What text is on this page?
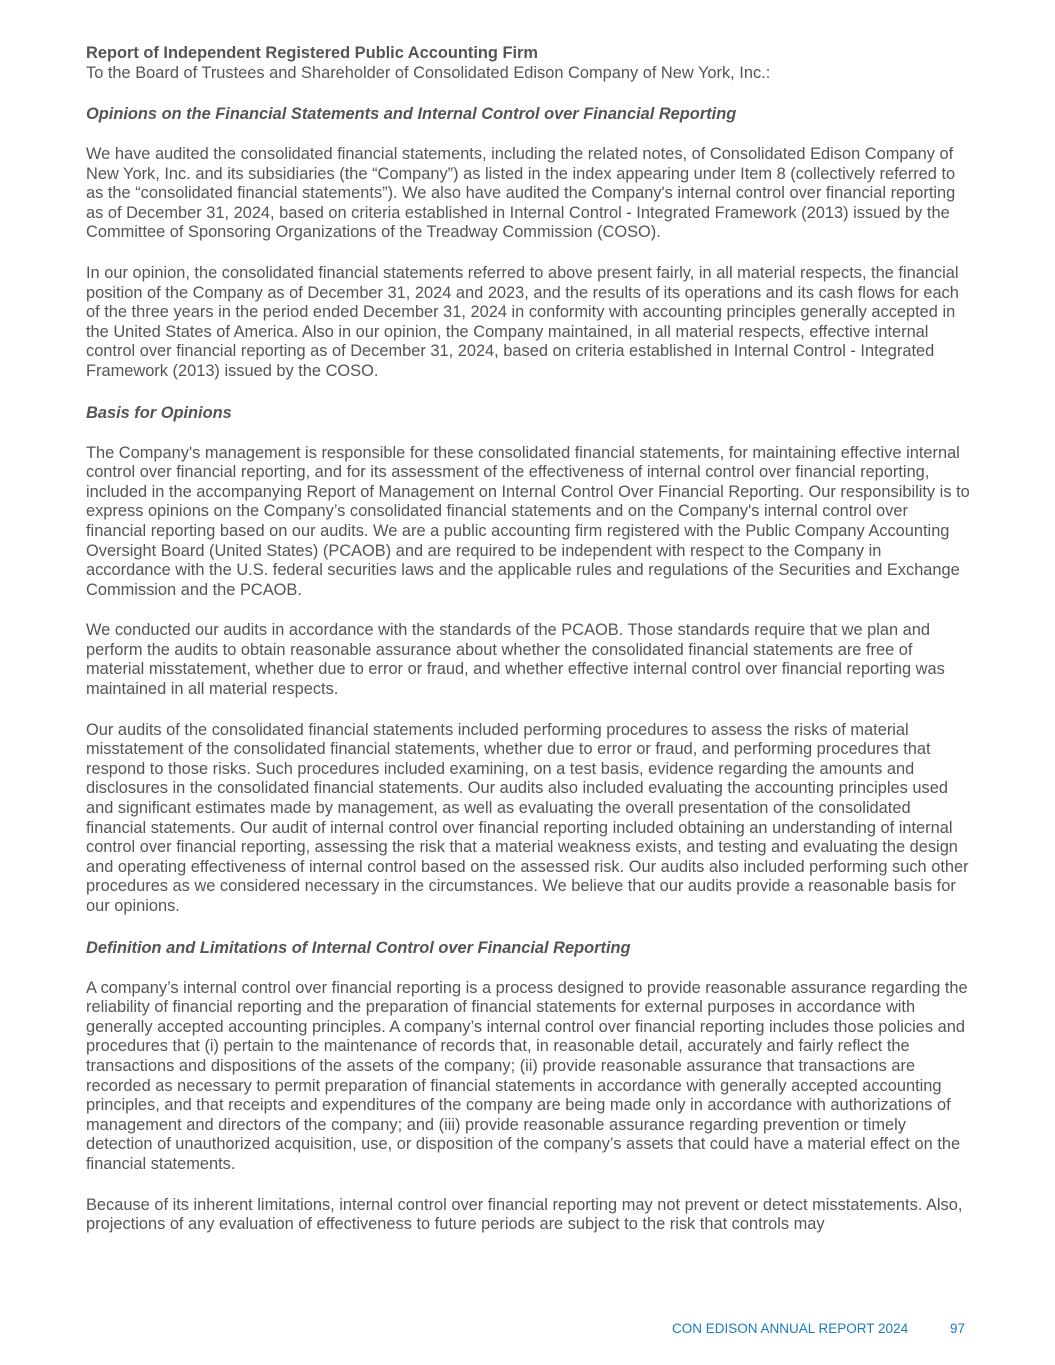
Report of Independent Registered Public Accounting Firm
To the Board of Trustees and Shareholder of Consolidated Edison Company of New York, Inc.:
Opinions on the Financial Statements and Internal Control over Financial Reporting

We have audited the consolidated financial statements, including the related notes, of Consolidated Edison Company of New York, Inc. and its subsidiaries (the “Company”) as listed in the index appearing under Item 8 (collectively referred to as the “consolidated financial statements”). We also have audited the Company's internal control over financial reporting as of December 31, 2024, based on criteria established in Internal Control - Integrated Framework (2013) issued by the Committee of Sponsoring Organizations of the Treadway Commission (COSO).

In our opinion, the consolidated financial statements referred to above present fairly, in all material respects, the financial position of the Company as of December 31, 2024 and 2023, and the results of its operations and its cash flows for each of the three years in the period ended December 31, 2024 in conformity with accounting principles generally accepted in the United States of America. Also in our opinion, the Company maintained, in all material respects, effective internal control over financial reporting as of December 31, 2024, based on criteria established in Internal Control - Integrated Framework (2013) issued by the COSO.

Basis for Opinions

The Company's management is responsible for these consolidated financial statements, for maintaining effective internal control over financial reporting, and for its assessment of the effectiveness of internal control over financial reporting, included in the accompanying Report of Management on Internal Control Over Financial Reporting. Our responsibility is to express opinions on the Company’s consolidated financial statements and on the Company's internal control over financial reporting based on our audits. We are a public accounting firm registered with the Public Company Accounting Oversight Board (United States) (PCAOB) and are required to be independent with respect to the Company in accordance with the U.S. federal securities laws and the applicable rules and regulations of the Securities and Exchange Commission and the PCAOB.

We conducted our audits in accordance with the standards of the PCAOB. Those standards require that we plan and perform the audits to obtain reasonable assurance about whether the consolidated financial statements are free of material misstatement, whether due to error or fraud, and whether effective internal control over financial reporting was maintained in all material respects.

Our audits of the consolidated financial statements included performing procedures to assess the risks of material misstatement of the consolidated financial statements, whether due to error or fraud, and performing procedures that respond to those risks. Such procedures included examining, on a test basis, evidence regarding the amounts and disclosures in the consolidated financial statements. Our audits also included evaluating the accounting principles used and significant estimates made by management, as well as evaluating the overall presentation of the consolidated financial statements. Our audit of internal control over financial reporting included obtaining an understanding of internal control over financial reporting, assessing the risk that a material weakness exists, and testing and evaluating the design and operating effectiveness of internal control based on the assessed risk. Our audits also included performing such other procedures as we considered necessary in the circumstances. We believe that our audits provide a reasonable basis for our opinions.

Definition and Limitations of Internal Control over Financial Reporting

A company’s internal control over financial reporting is a process designed to provide reasonable assurance regarding the reliability of financial reporting and the preparation of financial statements for external purposes in accordance with generally accepted accounting principles. A company’s internal control over financial reporting includes those policies and procedures that (i) pertain to the maintenance of records that, in reasonable detail, accurately and fairly reflect the transactions and dispositions of the assets of the company; (ii) provide reasonable assurance that transactions are recorded as necessary to permit preparation of financial statements in accordance with generally accepted accounting principles, and that receipts and expenditures of the company are being made only in accordance with authorizations of management and directors of the company; and (iii) provide reasonable assurance regarding prevention or timely detection of unauthorized acquisition, use, or disposition of the company’s assets that could have a material effect on the financial statements.

Because of its inherent limitations, internal control over financial reporting may not prevent or detect misstatements. Also, projections of any evaluation of effectiveness to future periods are subject to the risk that controls may

CON EDISON ANNUAL REPORT 2024	97
